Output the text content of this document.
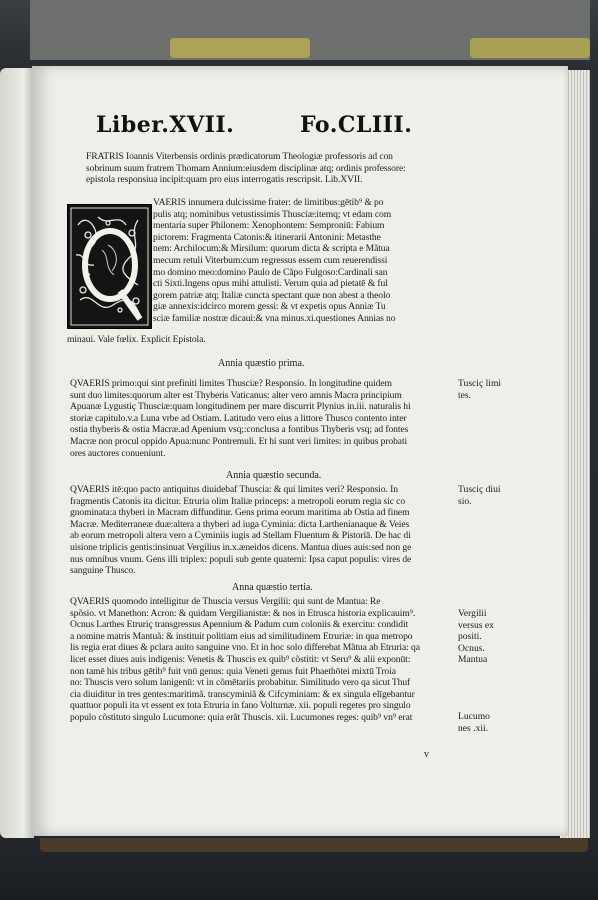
Liber.XVII.	Fo.CLIII.
FRATRIS Ioannis Viterbensis ordinis prædicatorum Theologiæ professoris ad con
sobrinum suum fratrem Thomam Annium:eiusdem disciplinæ atq; ordinis professore:
epistola responsiua incipit:quam pro eius interrogatis rescripsit. Lib.XVII.
VAERIS innumera dulcissime frater: de limitibus:gētib⁹ & po
pulis atq; nominibus vetustissimis Thusciæ:itemq; vt edam com
mentaria super Philonem: Xenophontem: Semproniū: Fabium
pictorem: Fragmenta Catonis:& itinerarii Antonini: Metasthe
nem: Archilocum:& Mirsilum: quorum dicta & scripta e Mãtua
mecum retuli Viterbum:cum regressus essem cum reuerendissi
mo domino meo:domino Paulo de Cãpo Fulgoso:Cardinali san
cti Sixti.Ingens opus mihi attulisti. Verum quia ad pietatē & ful
gorem patriæ atq; Italiæ cuncta spectant quæ non abest a theolo
giæ annexis:idcirco morem gessi: & vt expetis opus Anniæ Tu
sciæ familiæ nostræ dicaui:& vna minus.xi.questiones Annias no
minaui. Vale fœlix. Explicit Epistola.
Annia quæstio prima.
QVAERIS primo:qui sint prefiniti limites Thusciæ? Responsio. In longitudine quidem
sunt duo limites:quorum alter est Thyberis Vaticanus: alter vero amnis Macra principium
Apuanæ Lygustiç Thusciæ:quam longitudinem per mare discurrit Plynius in.iii. naturalis hi
storiæ capitulo.v.a Luna vrbe ad Ostiam. Latitudo vero eius a littore Thusco contento inter
ostia thyberis & ostia Macræ.ad Apenium vsq;:conclusa a fontibus Thyberis vsq; ad fontes
Macræ non procul oppido Apua:nunc Pontremuli. Et hi sunt veri limites: in quibus probati
ores auctores conueniunt.
Tusciç limi
tes.
Annia quæstio secunda.
QVAERIS itē:quo pacto antiquitus diuidebaf Thuscia: & qui limites veri? Responsio. In
fragmentis Catonis ita dicitur. Etruria olim Italiæ princeps: a metropoli eorum regia sic co
gnominata:a thyberi in Macram diffunditur. Gens prima eorum maritima ab Ostia ad finem
Macræ. Mediterraneæ duæ:altera a thyberi ad iuga Cyminia: dicta Larthenianaque & Veies
ab eorum metropoli altera vero a Cyminiis iugis ad Stellam Fluentum & Pistoriā. De hac di
uisione triplicis gentis:insinuat Vergilius in.x.æneidos dicens. Mantua diues auis:sed non ge
nus omnibus vnum. Gens illi triplex: populi sub gente quaterni: Ipsa caput populis: vires de
sanguine Thusco.
Tusciç diui
sio.
Anna quæstio tertia.
QVAERIS quomodo intelligitur de Thuscia versus Vergilii: qui sunt de Mantua: Re
spõsio. vt Manethon: Acron: & quidam Vergilianistæ: & nos in Etrusca historia explicauim⁹.
Ocnus Larthes Etruriç transgressus Apennium & Padum cum coloniis & exercitu: condidit
a nomine matris Mantuã: & instituit politiam eius ad similitudinem Etruriæ: in qua metropo
lis regia erat diues & pclara auito sanguine vno. Et in hoc solo differebat Mãtua ab Etruria: qa
licet esset diues auis indigenis: Venetis & Thuscis ex quib⁹ cõstitit: vt Seru⁹ & alii exponūt:
non tamē his tribus gētib⁹ fuit vnū genus: quia Veneti genus fuit Phaethōtei mixtū Troia
no: Thuscis vero solum lanigenū: vt in cõmētariis probabitur. Similitudo vero qa sicut Thuf
cia diuiditur in tres gentes:maritimã. transcyminiã & Cifcyminiam: & ex singula elīgebantur
quattuor populi ita vt essent ex tota Etruria in fano Volturnæ. xii. populi regetes pro singulo
populo cõstituto singulo Lucumone: quia erãt Thuscis. xii. Lucumones reges: quib⁹ vn⁹ erat
Vergilii
versus ex
positi.
Ocnus.
Mantua
Lucumo
nes .xii.
v
